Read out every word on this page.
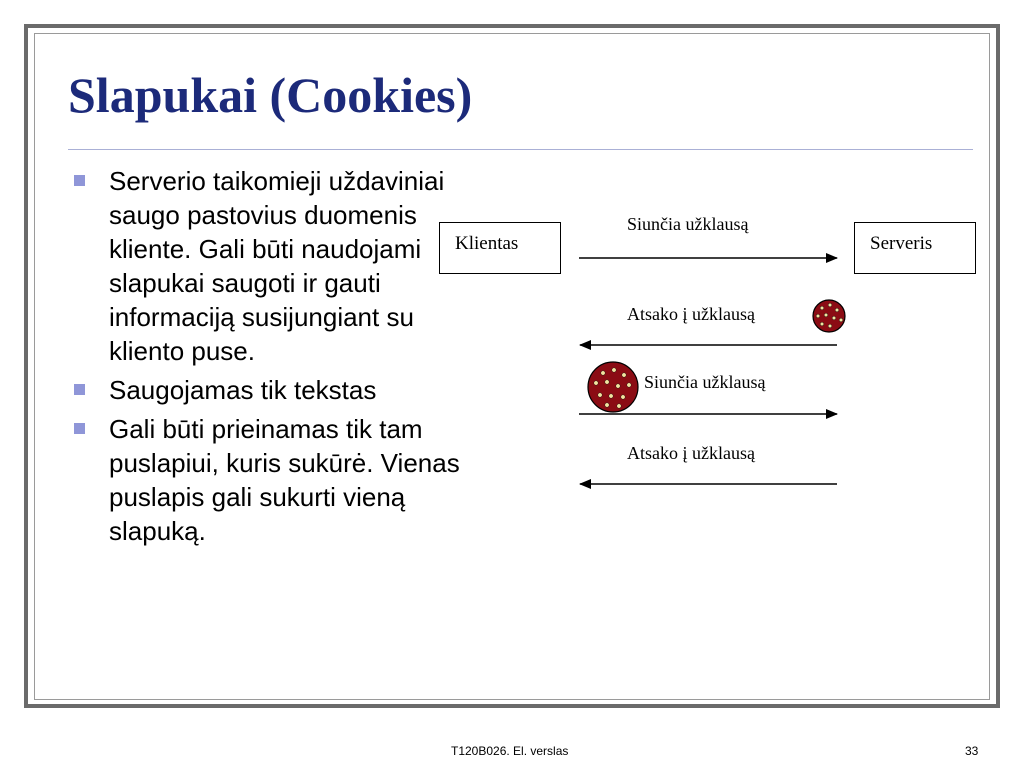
Slapukai (Cookies)
Serverio taikomieji uždaviniai saugo pastovius duomenis kliente. Gali būti naudojami slapukai saugoti ir gauti informaciją susijungiant su kliento puse.
Saugojamas tik tekstas
Gali būti prieinamas tik tam puslapiui, kuris sukūrė. Vienas puslapis gali sukurti vieną slapuką.
Klientas	Serveris
Siunčia užklausą
Atsako į užklausą
Siunčia užklausą
Atsako į užklausą
T120B026. El. verslas	33
